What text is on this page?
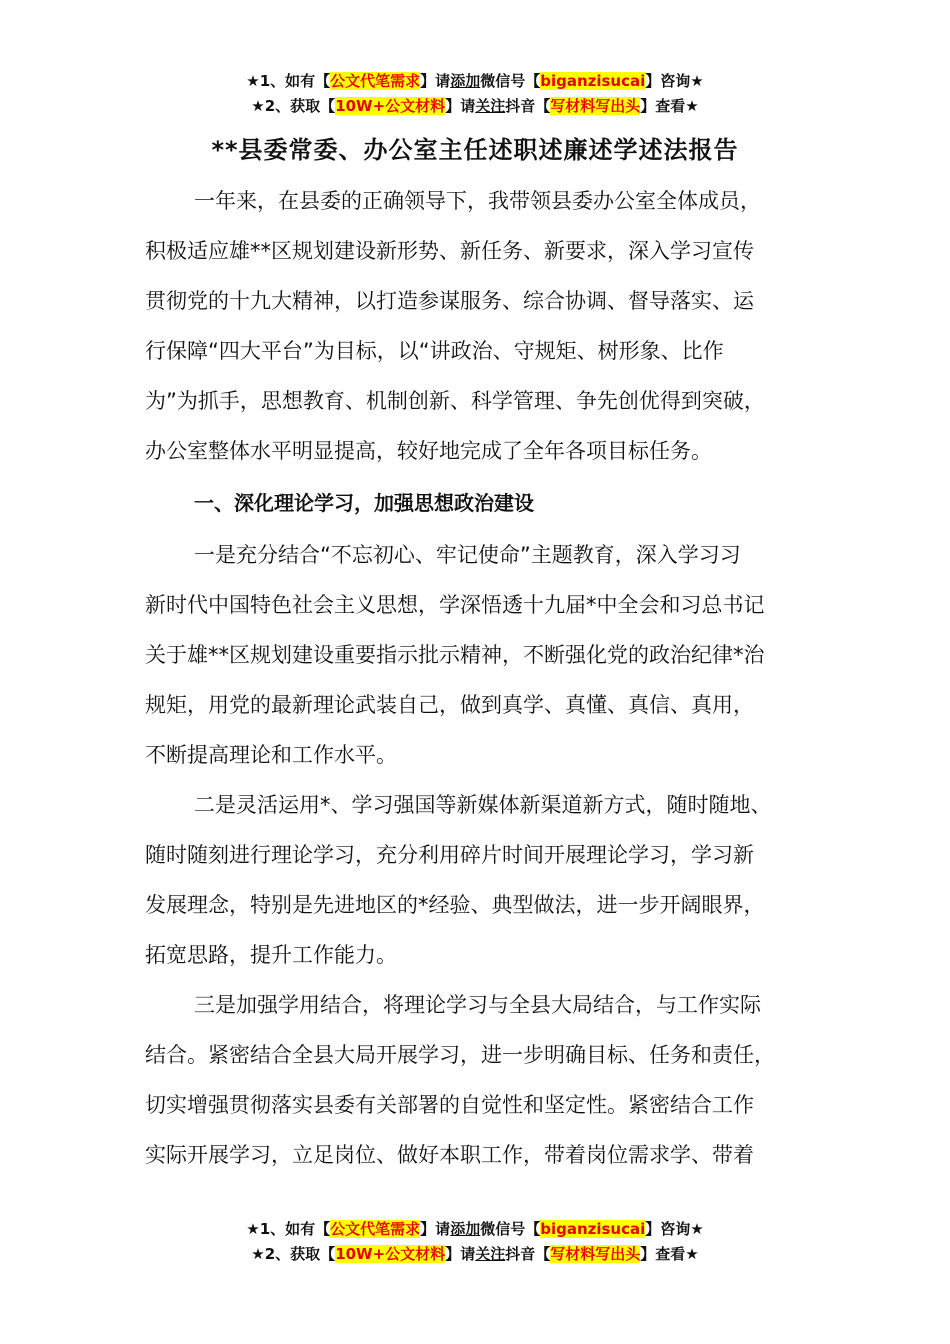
★1、如有【公文代笔需求】请添加微信号【biganzisucai】咨询★
★2、获取【10W+公文材料】请关注抖音【写材料写出头】查看★
**县委常委、办公室主任述职述廉述学述法报告
一年来，在县委的正确领导下，我带领县委办公室全体成员，
积极适应雄**区规划建设新形势、新任务、新要求，深入学习宣传
贯彻党的十九大精神，以打造参谋服务、综合协调、督导落实、运
行保障“四大平台”为目标，以“讲政治、守规矩、树形象、比作
为”为抓手，思想教育、机制创新、科学管理、争先创优得到突破，
办公室整体水平明显提高，较好地完成了全年各项目标任务。
一、深化理论学习，加强思想政治建设
一是充分结合“不忘初心、牢记使命”主题教育，深入学习习
新时代中国特色社会主义思想，学深悟透十九届*中全会和习总书记
关于雄**区规划建设重要指示批示精神，不断强化党的政治纪律*治
规矩，用党的最新理论武装自己，做到真学、真懂、真信、真用，
不断提高理论和工作水平。
二是灵活运用*、学习强国等新媒体新渠道新方式，随时随地、
随时随刻进行理论学习，充分利用碎片时间开展理论学习，学习新
发展理念，特别是先进地区的*经验、典型做法，进一步开阔眼界，
拓宽思路，提升工作能力。
三是加强学用结合，将理论学习与全县大局结合，与工作实际
结合。紧密结合全县大局开展学习，进一步明确目标、任务和责任，
切实增强贯彻落实县委有关部署的自觉性和坚定性。紧密结合工作
实际开展学习，立足岗位、做好本职工作，带着岗位需求学、带着
★1、如有【公文代笔需求】请添加微信号【biganzisucai】咨询★
★2、获取【10W+公文材料】请关注抖音【写材料写出头】查看★
